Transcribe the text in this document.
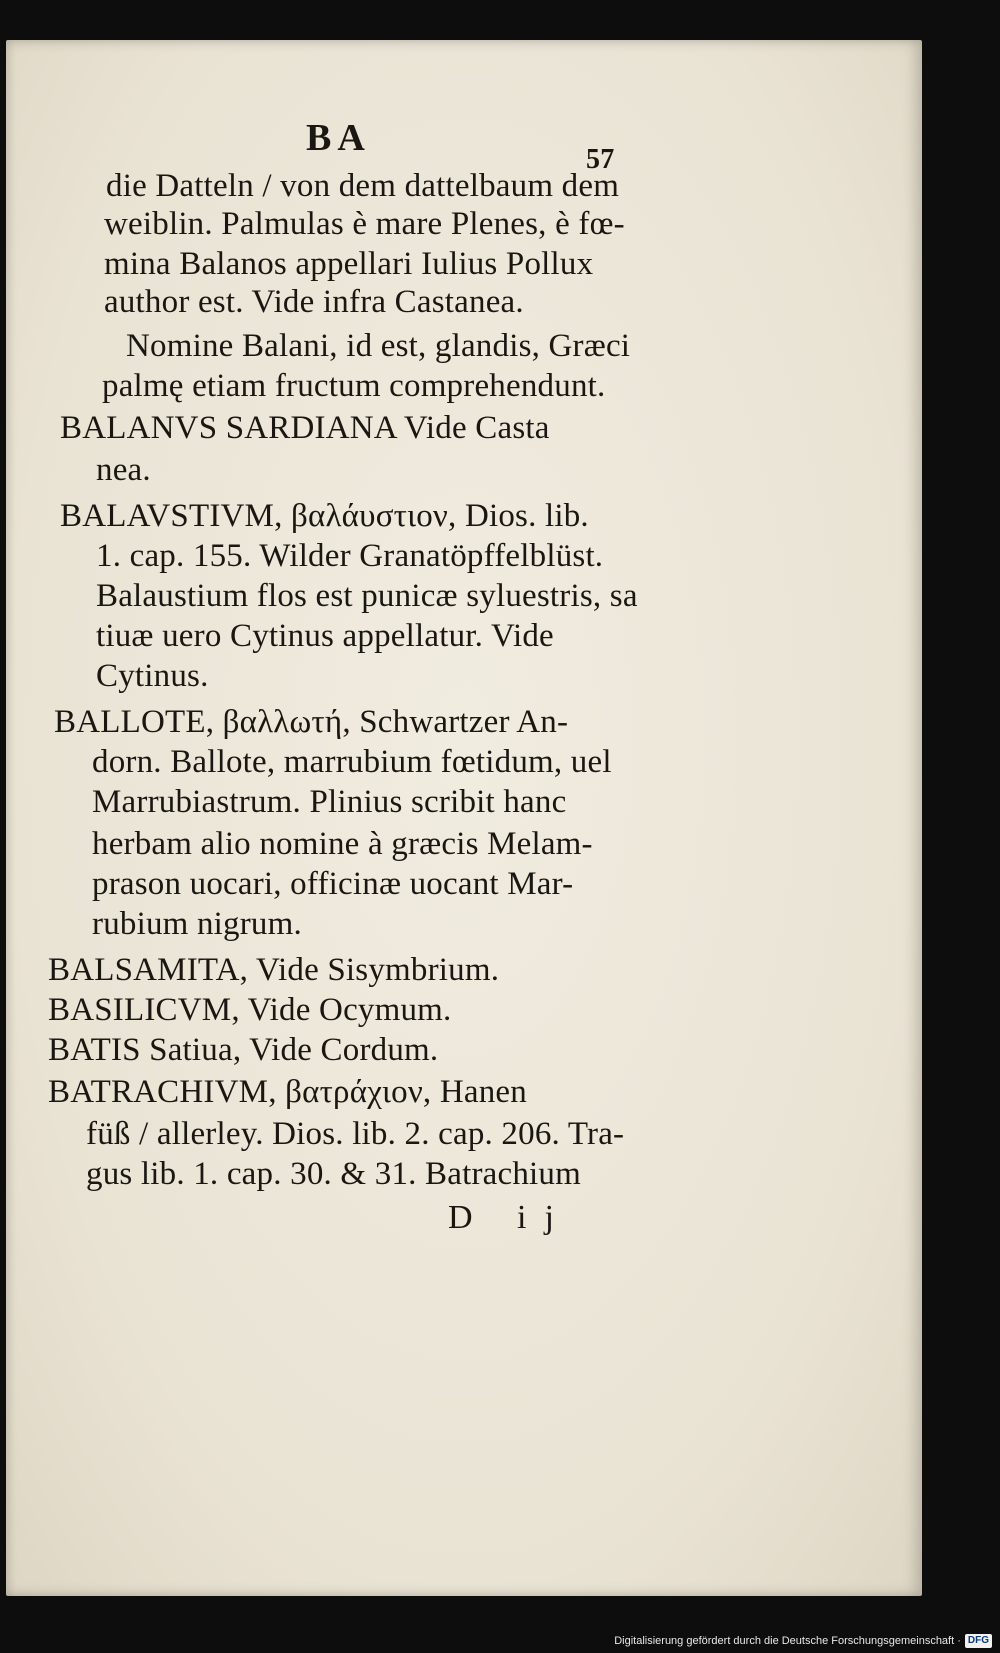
BA
57
die Datteln / von dem dattelbaum dem
weiblin. Palmulas è mare Plenes, è fœ-
mina Balanos appellari Iulius Pollux
author est. Vide infra Castanea.
Nomine Balani, id est, glandis, Græci
palmę etiam fructum comprehendunt.
BALANVS SARDIANA Vide Casta
nea.
BALAVSTIVM, βαλάυστιον, Dios. lib.
1. cap. 155. Wilder Granatöpffelblüst.
Balaustium flos est punicæ syluestris, sa
tiuæ uero Cytinus appellatur. Vide
Cytinus.
BALLOTE, βαλλωτή, Schwartzer An-
dorn. Ballote, marrubium fœtidum, uel
Marrubiastrum. Plinius scribit hanc
herbam alio nomine à græcis Melam-
prason uocari, officinæ uocant Mar-
rubium nigrum.
BALSAMITA, Vide Sisymbrium.
BASILICVM, Vide Ocymum.
BATIS Satiua, Vide Cordum.
BATRACHIVM, βατράχιον, Hanen
füß / allerley. Dios. lib. 2. cap. 206. Tra-
gus lib. 1. cap. 30. & 31. Batrachium
D ij
Digitalisierung gefördert durch die Deutsche Forschungsgemeinschaft · DFG
